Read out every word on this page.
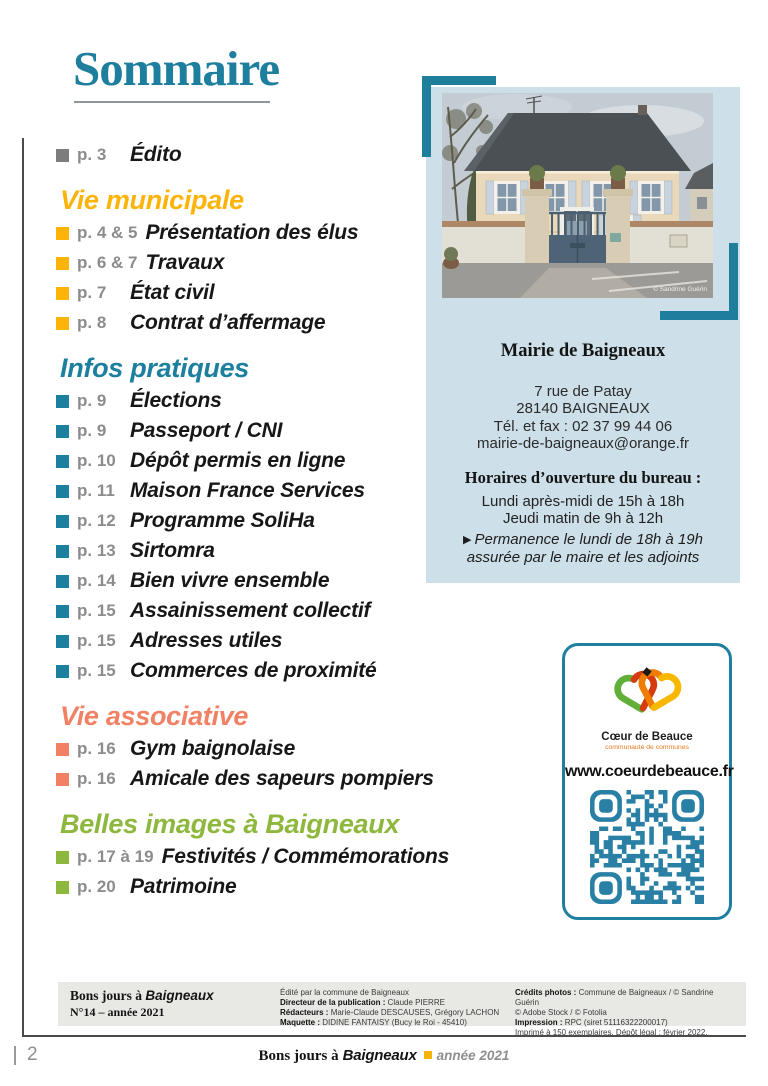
Sommaire
p. 3	Édito
Vie municipale
p. 4 & 5 Présentation des élus
p. 6 & 7 Travaux
p. 7	État civil
p. 8	Contrat d’affermage
Infos pratiques
p. 9	Élections
p. 9	Passeport / CNI
p. 10 Dépôt permis en ligne
p. 11 Maison France Services
p. 12 Programme SoliHa
p. 13 Sirtomra
p. 14 Bien vivre ensemble
p. 15 Assainissement collectif
p. 15 Adresses utiles
p. 15 Commerces de proximité
Vie associative
p. 16 Gym baignolaise
p. 16 Amicale des sapeurs pompiers
Belles images à Baigneaux
p. 17 à 19 Festivités / Commémorations
p. 20 Patrimoine
© Sandrine Guérin
Mairie de Baigneaux
7 rue de Patay
28140 BAIGNEAUX
Tél. et fax : 02 37 99 44 06
mairie-de-baigneaux@orange.fr
Horaires d’ouverture du bureau :
Lundi après-midi de 15h à 18h
Jeudi matin de 9h à 12h
▶ Permanence le lundi de 18h à 19h
assurée par le maire et les adjoints
Cœur de Beauce
communauté de communes
www.coeurdebeauce.fr
Bons jours à Baigneaux
N°14 – année 2021
Édité par la commune de Baigneaux
Directeur de la publication : Claude PIERRE
Rédacteurs : Marie-Claude DESCAUSES, Grégory LACHON
Maquette : DIDINE FANTAISY (Bucy le Roi - 45410)
Crédits photos : Commune de Baigneaux / © Sandrine Guérin
© Adobe Stock / © Fotolia
Impression : RPC (siret 51116322200017)
Imprimé à 150 exemplaires. Dépôt légal : février 2022.
2	Bons jours à Baigneaux année 2021
